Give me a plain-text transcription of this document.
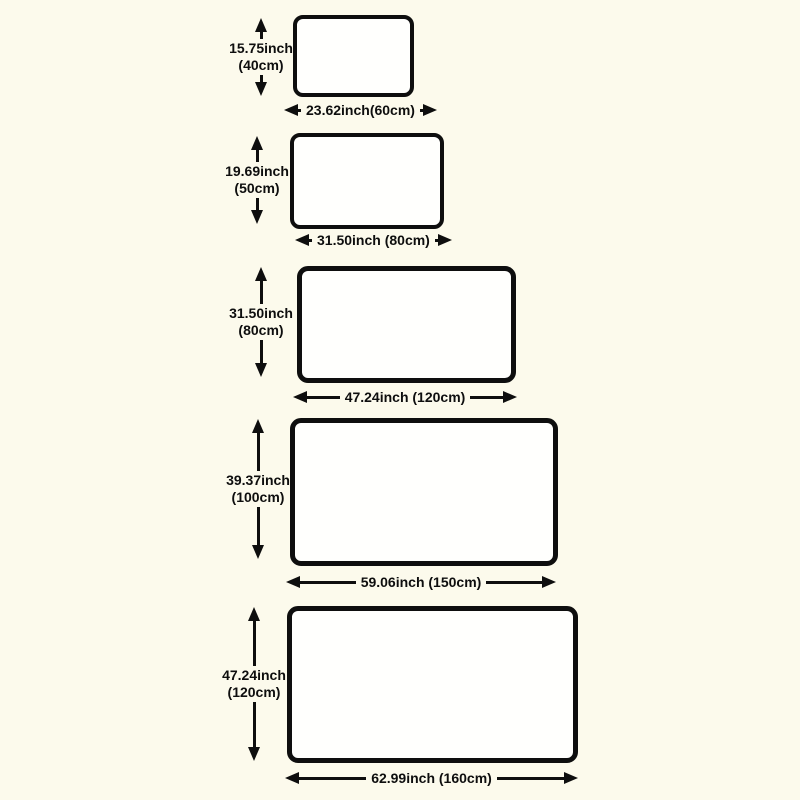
15.75inch
(40cm)
23.62inch(60cm)
19.69inch
(50cm)
31.50inch (80cm)
31.50inch
(80cm)
47.24inch (120cm)
39.37inch
(100cm)
59.06inch (150cm)
47.24inch
(120cm)
62.99inch (160cm)
